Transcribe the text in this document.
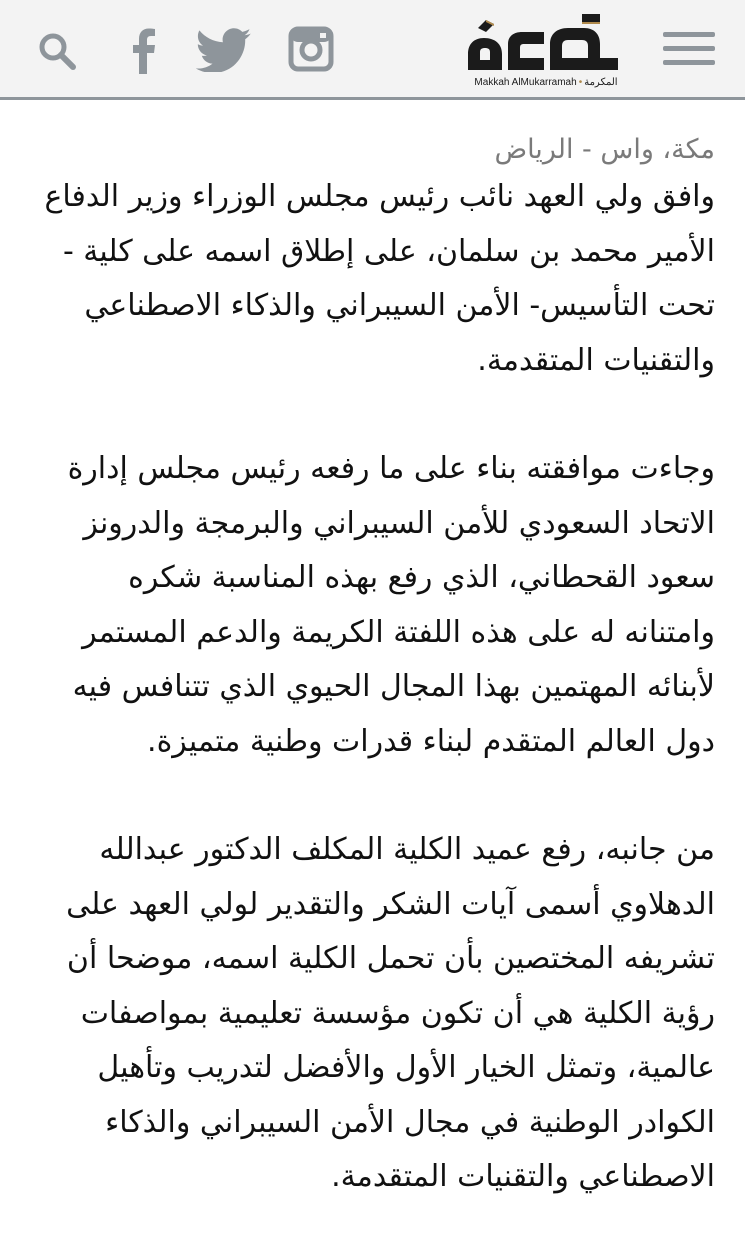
Makkah AlMukarramah • المكرمة
مكة، واس - الرياض

وافق ولي العهد نائب رئيس مجلس الوزراء وزير الدفاع الأمير محمد بن سلمان، على إطلاق اسمه على كلية - تحت التأسيس- الأمن السيبراني والذكاء الاصطناعي والتقنيات المتقدمة.

وجاءت موافقته بناء على ما رفعه رئيس مجلس إدارة الاتحاد السعودي للأمن السيبراني والبرمجة والدرونز سعود القحطاني، الذي رفع بهذه المناسبة شكره وامتنانه له على هذه اللفتة الكريمة والدعم المستمر لأبنائه المهتمين بهذا المجال الحيوي الذي تتنافس فيه دول العالم المتقدم لبناء قدرات وطنية متميزة.

من جانبه، رفع عميد الكلية المكلف الدكتور عبدالله الدهلاوي أسمى آيات الشكر والتقدير لولي العهد على تشريفه المختصين بأن تحمل الكلية اسمه، موضحا أن رؤية الكلية هي أن تكون مؤسسة تعليمية بمواصفات عالمية، وتمثل الخيار الأول والأفضل لتدريب وتأهيل الكوادر الوطنية في مجال الأمن السيبراني والذكاء الاصطناعي والتقنيات المتقدمة.
